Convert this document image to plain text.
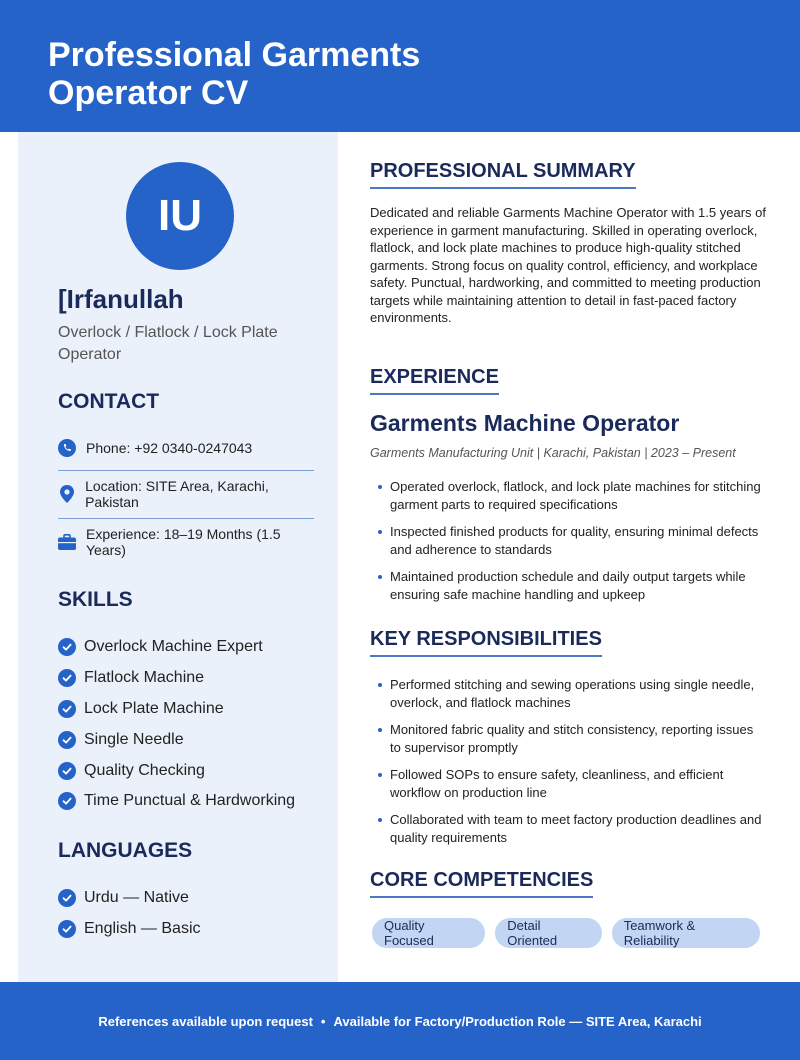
Professional Garments
Operator CV
IU
[Irfanullah
Overlock / Flatlock / Lock Plate
Operator
CONTACT
Phone: +92 0340-0247043
Location: SITE Area, Karachi, Pakistan
Experience: 18–19 Months (1.5 Years)
SKILLS
Overlock Machine Expert
Flatlock Machine
Lock Plate Machine
Single Needle
Quality Checking
Time Punctual & Hardworking
LANGUAGES
Urdu — Native
English — Basic
PROFESSIONAL SUMMARY

Dedicated and reliable Garments Machine Operator with 1.5 years of experience in garment manufacturing. Skilled in operating overlock, flatlock, and lock plate machines to produce high-quality stitched garments. Strong focus on quality control, efficiency, and workplace safety. Punctual, hardworking, and committed to meeting production targets while maintaining attention to detail in fast-paced factory environments.

EXPERIENCE
Garments Machine Operator
Garments Manufacturing Unit | Karachi, Pakistan | 2023 – Present
Operated overlock, flatlock, and lock plate machines for stitching garment parts to required specifications
Inspected finished products for quality, ensuring minimal defects and adherence to standards
Maintained production schedule and daily output targets while ensuring safe machine handling and upkeep
KEY RESPONSIBILITIES
Performed stitching and sewing operations using single needle, overlock, and flatlock machines
Monitored fabric quality and stitch consistency, reporting issues to supervisor promptly
Followed SOPs to ensure safety, cleanliness, and efficient workflow on production line
Collaborated with team to meet factory production deadlines and quality requirements
CORE COMPETENCIES
Quality Focused
Detail Oriented
Teamwork & Reliability
References available upon request • Available for Factory/Production Role — SITE Area, Karachi
